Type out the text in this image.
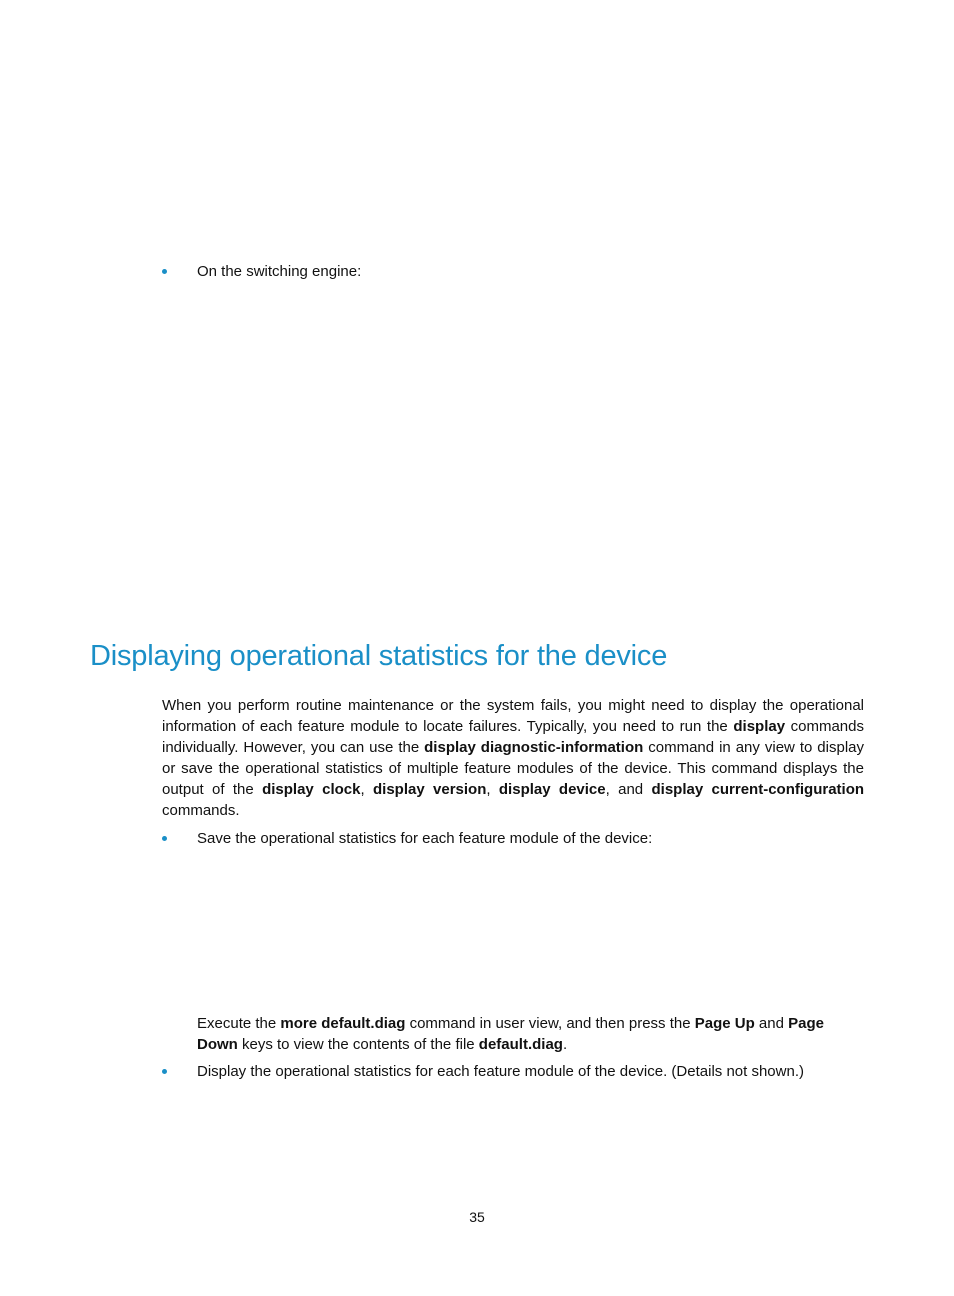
On the switching engine:
Displaying operational statistics for the device

When you perform routine maintenance or the system fails, you might need to display the operational information of each feature module to locate failures. Typically, you need to run the display commands individually. However, you can use the display diagnostic-information command in any view to display or save the operational statistics of multiple feature modules of the device. This command displays the output of the display clock, display version, display device, and display current-configuration commands.

Save the operational statistics for each feature module of the device:

Execute the more default.diag command in user view, and then press the Page Up and Page Down keys to view the contents of the file default.diag.

Display the operational statistics for each feature module of the device. (Details not shown.)
35
